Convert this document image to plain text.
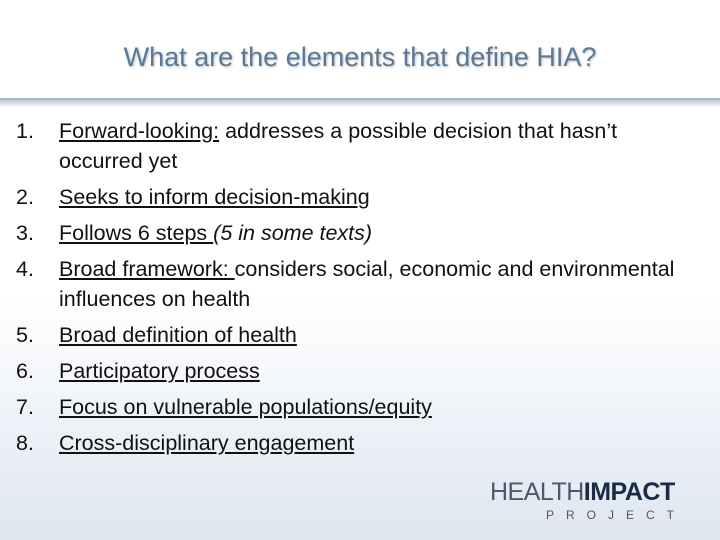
What are the elements that define HIA?
1.	Forward-looking: addresses a possible decision that hasn’t occurred yet
2.	Seeks to inform decision-making
3.	Follows 6 steps (5 in some texts)
4.	Broad framework: considers social, economic and environmental influences on health
5.	Broad definition of health
6.	Participatory process
7.	Focus on vulnerable populations/equity
8.	Cross-disciplinary engagement
HEALTHIMPACT
PROJECT
